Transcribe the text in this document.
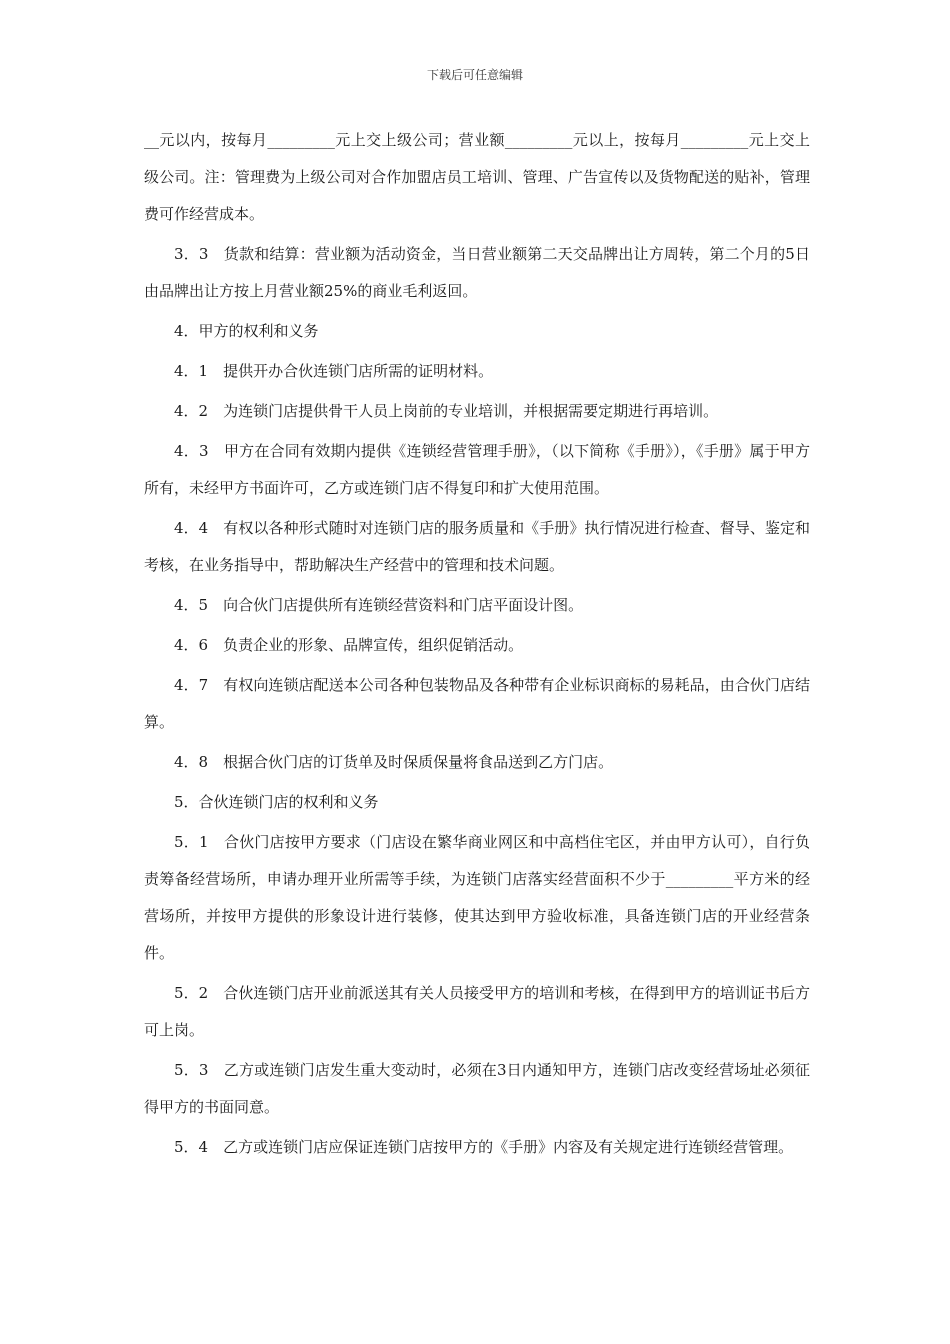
下载后可任意编辑

__元以内，按每月_________元上交上级公司；营业额_________元以上，按每月_________元上交上级公司。注：管理费为上级公司对合作加盟店员工培训、管理、广告宣传以及货物配送的贴补，管理费可作经营成本。

3．3　货款和结算：营业额为活动资金，当日营业额第二天交品牌出让方周转，第二个月的5日由品牌出让方按上月营业额25%的商业毛利返回。

4．甲方的权利和义务

4．1　提供开办合伙连锁门店所需的证明材料。

4．2　为连锁门店提供骨干人员上岗前的专业培训，并根据需要定期进行再培训。

4．3　甲方在合同有效期内提供《连锁经营管理手册》，（以下简称《手册》），《手册》属于甲方所有，未经甲方书面许可，乙方或连锁门店不得复印和扩大使用范围。

4．4　有权以各种形式随时对连锁门店的服务质量和《手册》执行情况进行检查、督导、鉴定和考核，在业务指导中，帮助解决生产经营中的管理和技术问题。

4．5　向合伙门店提供所有连锁经营资料和门店平面设计图。

4．6　负责企业的形象、品牌宣传，组织促销活动。

4．7　有权向连锁店配送本公司各种包装物品及各种带有企业标识商标的易耗品，由合伙门店结算。

4．8　根据合伙门店的订货单及时保质保量将食品送到乙方门店。

5．合伙连锁门店的权利和义务

5．1　合伙门店按甲方要求（门店设在繁华商业网区和中高档住宅区，并由甲方认可），自行负责筹备经营场所，申请办理开业所需等手续，为连锁门店落实经营面积不少于_________平方米的经营场所，并按甲方提供的形象设计进行装修，使其达到甲方验收标准，具备连锁门店的开业经营条件。

5．2　合伙连锁门店开业前派送其有关人员接受甲方的培训和考核，在得到甲方的培训证书后方可上岗。

5．3　乙方或连锁门店发生重大变动时，必须在3日内通知甲方，连锁门店改变经营场址必须征得甲方的书面同意。

5．4　乙方或连锁门店应保证连锁门店按甲方的《手册》内容及有关规定进行连锁经营管理。
